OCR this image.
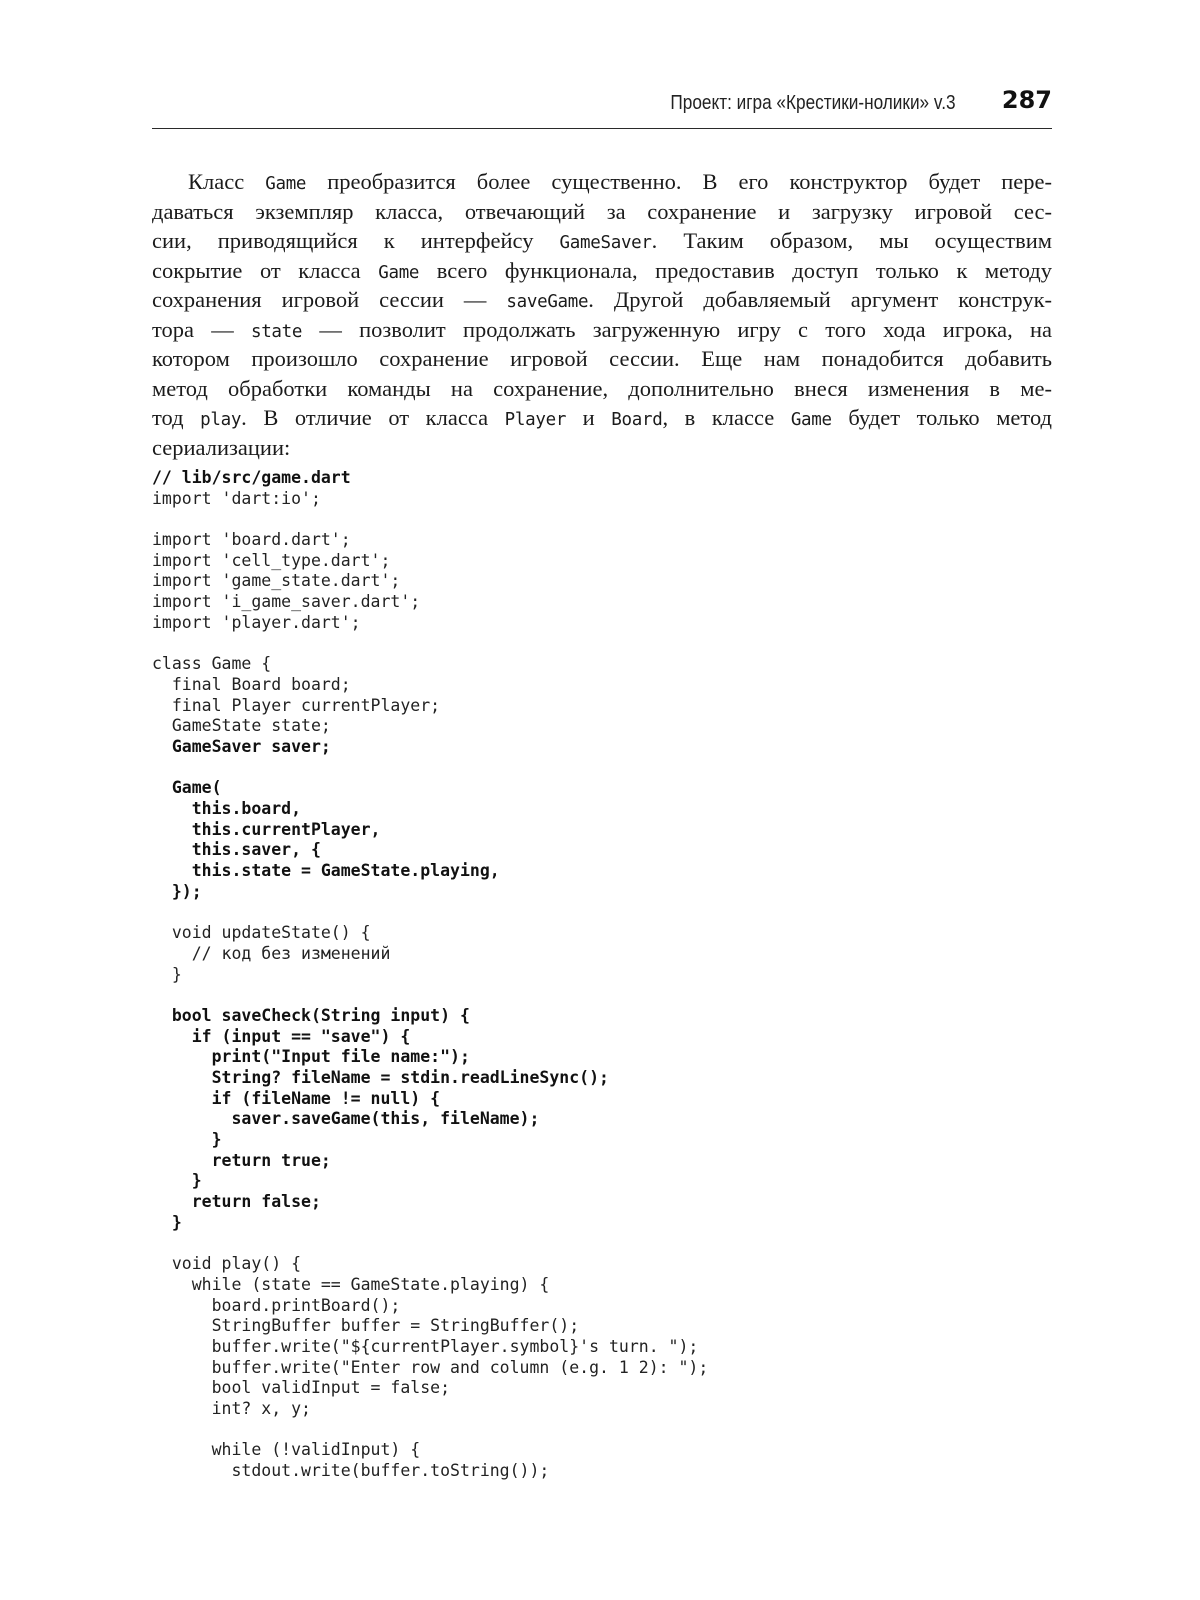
Проект: игра «Крестики-нолики» v.3 287
Класс Game преобразится более существенно. В его конструктор будет пере-
даваться экземпляр класса, отвечающий за сохранение и загрузку игровой сес-
сии, приводящийся к интерфейсу GameSaver. Таким образом, мы осуществим
сокрытие от класса Game всего функционала, предоставив доступ только к методу
сохранения игровой сессии — saveGame. Другой добавляемый аргумент конструк-
тора — state — позволит продолжать загруженную игру с того хода игрока, на
котором произошло сохранение игровой сессии. Еще нам понадобится добавить
метод обработки команды на сохранение, дополнительно внеся изменения в ме-
тод play. В отличие от класса Player и Board, в классе Game будет только метод
сериализации:
// lib/src/game.dart
import 'dart:io';
import 'board.dart';
import 'cell_type.dart';
import 'game_state.dart';
import 'i_game_saver.dart';
import 'player.dart';
class Game {
final Board board;
final Player currentPlayer;
GameState state;
GameSaver saver;
Game(
this.board,
this.currentPlayer,
this.saver, {
this.state = GameState.playing,
});
void updateState() {
// код без изменений
}
bool saveCheck(String input) {
if (input == "save") {
print("Input file name:");
String? fileName = stdin.readLineSync();
if (fileName != null) {
saver.saveGame(this, fileName);
}
return true;
}
return false;
}
void play() {
while (state == GameState.playing) {
board.printBoard();
StringBuffer buffer = StringBuffer();
buffer.write("${currentPlayer.symbol}'s turn. ");
buffer.write("Enter row and column (e.g. 1 2): ");
bool validInput = false;
int? x, y;
while (!validInput) {
stdout.write(buffer.toString());
